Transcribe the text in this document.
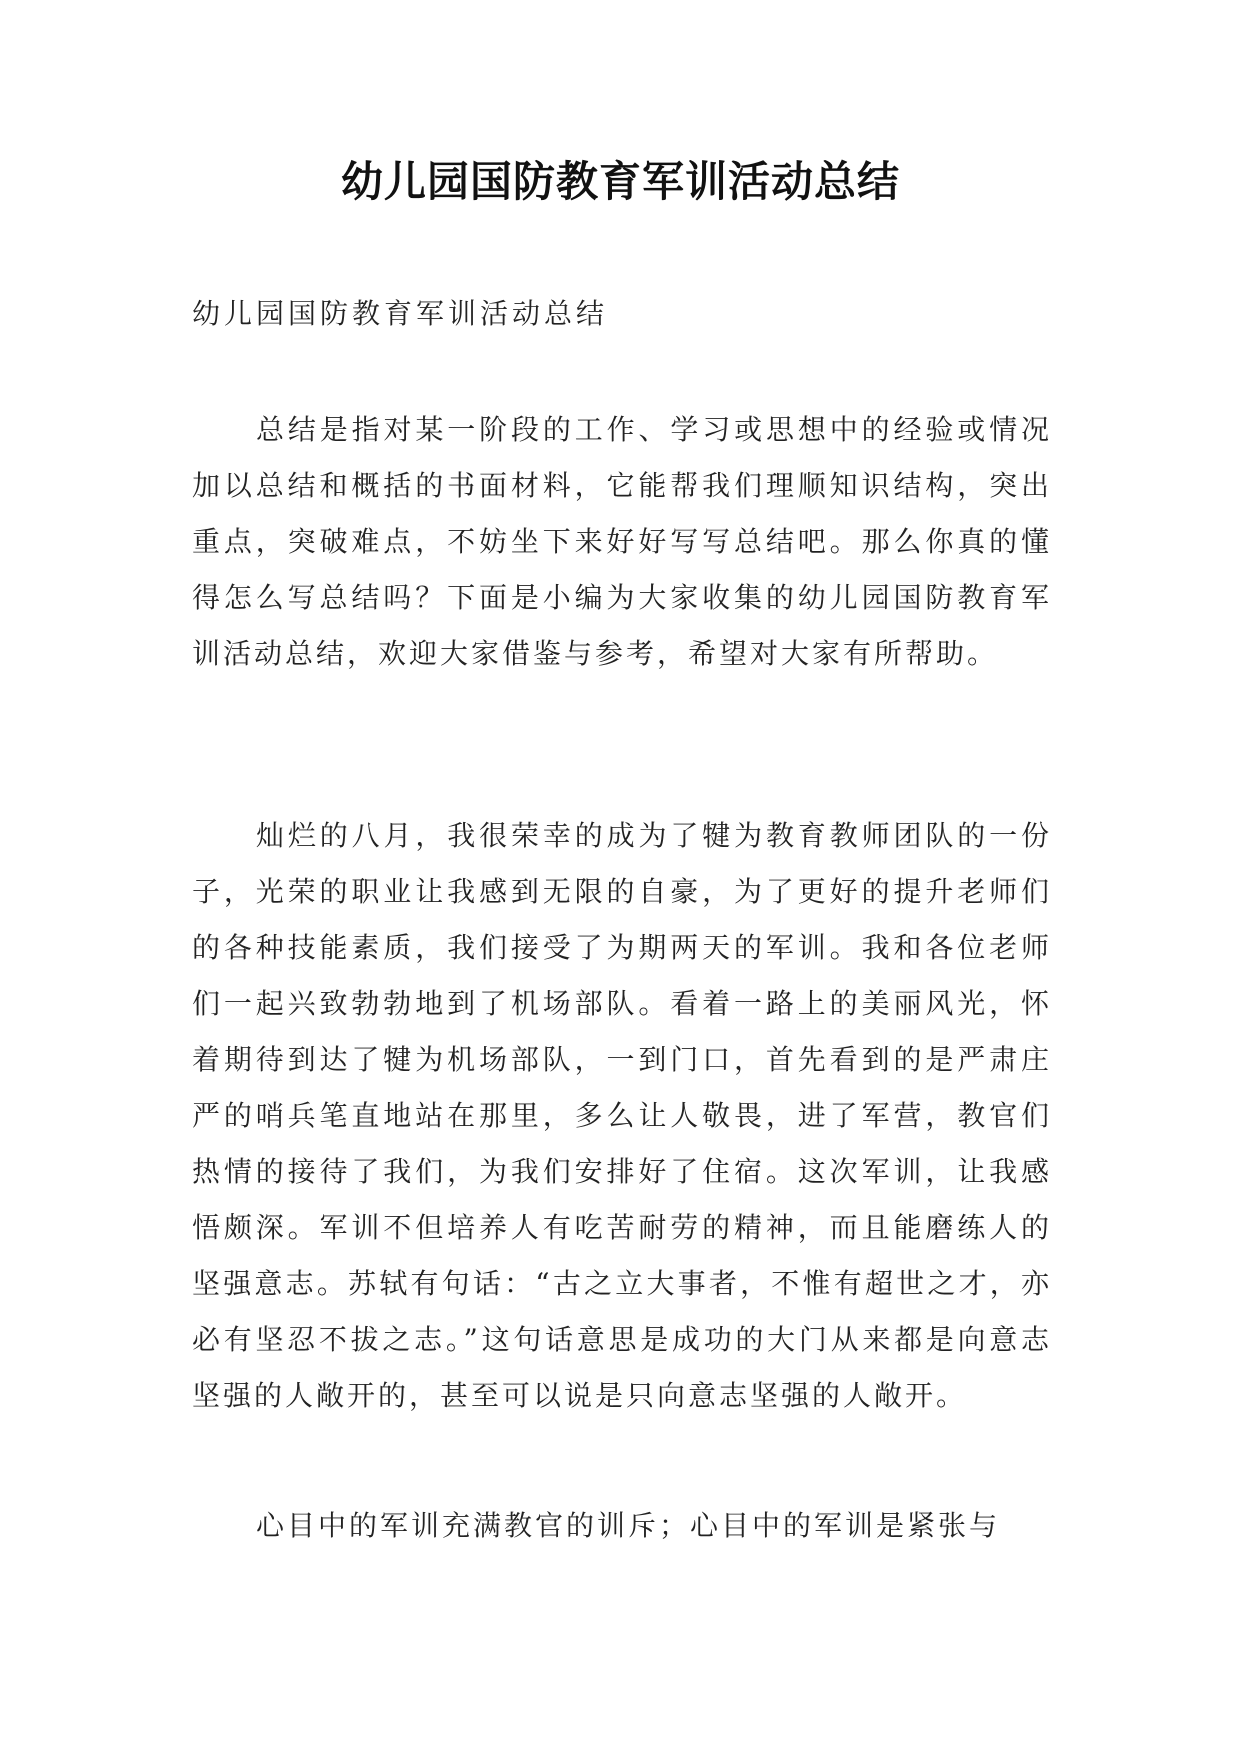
幼儿园国防教育军训活动总结
幼儿园国防教育军训活动总结

总结是指对某一阶段的工作、学习或思想中的经验或情况加以总结和概括的书面材料，它能帮我们理顺知识结构，突出重点，突破难点，不妨坐下来好好写写总结吧。那么你真的懂得怎么写总结吗？下面是小编为大家收集的幼儿园国防教育军训活动总结，欢迎大家借鉴与参考，希望对大家有所帮助。

灿烂的八月，我很荣幸的成为了犍为教育教师团队的一份子，光荣的职业让我感到无限的自豪，为了更好的提升老师们的各种技能素质，我们接受了为期两天的军训。我和各位老师们一起兴致勃勃地到了机场部队。看着一路上的美丽风光，怀着期待到达了犍为机场部队，一到门口，首先看到的是严肃庄严的哨兵笔直地站在那里，多么让人敬畏，进了军营，教官们热情的接待了我们，为我们安排好了住宿。这次军训，让我感悟颇深。军训不但培养人有吃苦耐劳的精神，而且能磨练人的坚强意志。苏轼有句话：“古之立大事者，不惟有超世之才，亦必有坚忍不拔之志。”这句话意思是成功的大门从来都是向意志坚强的人敞开的，甚至可以说是只向意志坚强的人敞开。

心目中的军训充满教官的训斥；心目中的军训是紧张与
